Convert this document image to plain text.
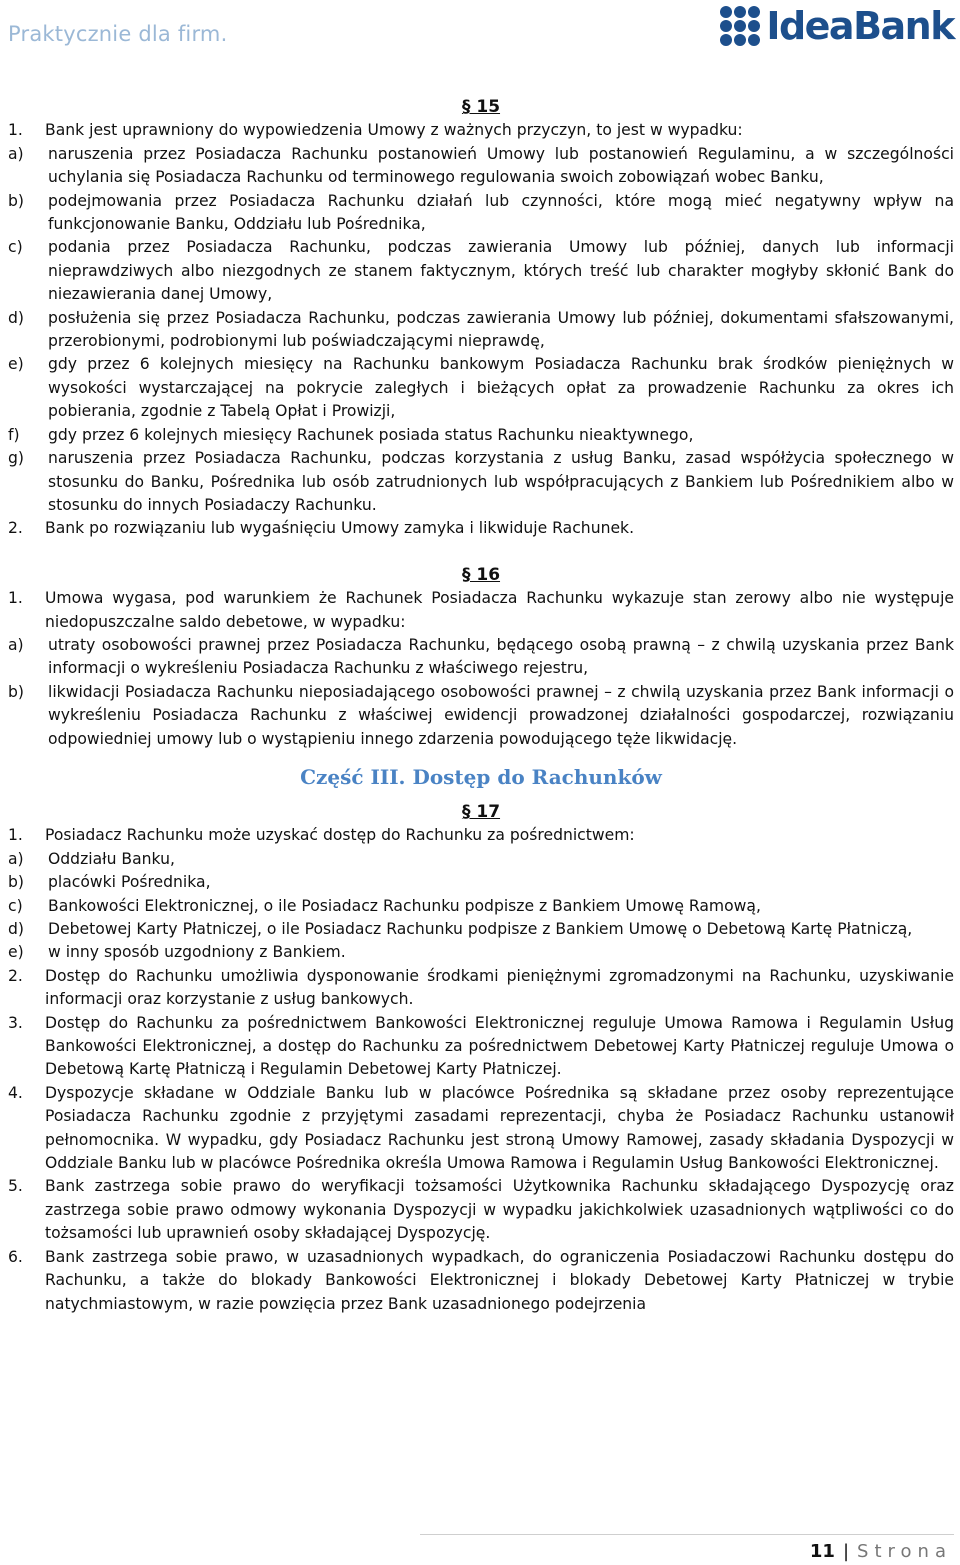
Praktycznie dla firm.	IdeaBank

§ 15

1.	Bank jest uprawniony do wypowiedzenia Umowy z ważnych przyczyn, to jest w wypadku:
a)	naruszenia przez Posiadacza Rachunku postanowień Umowy lub postanowień Regulaminu, a w szczególności uchylania się Posiadacza Rachunku od terminowego regulowania swoich zobowiązań wobec Banku,
b)	podejmowania przez Posiadacza Rachunku działań lub czynności, które mogą mieć negatywny wpływ na funkcjonowanie Banku, Oddziału lub Pośrednika,
c)	podania przez Posiadacza Rachunku, podczas zawierania Umowy lub później, danych lub informacji nieprawdziwych albo niezgodnych ze stanem faktycznym, których treść lub charakter mogłyby skłonić Bank do niezawierania danej Umowy,
d)	posłużenia się przez Posiadacza Rachunku, podczas zawierania Umowy lub później, dokumentami sfałszowanymi, przerobionymi, podrobionymi lub poświadczającymi nieprawdę,
e)	gdy przez 6 kolejnych miesięcy na Rachunku bankowym Posiadacza Rachunku brak środków pieniężnych w wysokości wystarczającej na pokrycie zaległych i bieżących opłat za prowadzenie Rachunku za okres ich pobierania, zgodnie z Tabelą Opłat i Prowizji,
f)	gdy przez 6 kolejnych miesięcy Rachunek posiada status Rachunku nieaktywnego,
g)	naruszenia przez Posiadacza Rachunku, podczas korzystania z usług Banku, zasad współżycia społecznego w stosunku do Banku, Pośrednika lub osób zatrudnionych lub współpracujących z Bankiem lub Pośrednikiem albo w stosunku do innych Posiadaczy Rachunku.
2.	Bank po rozwiązaniu lub wygaśnięciu Umowy zamyka i likwiduje Rachunek.

§ 16

1.	Umowa wygasa, pod warunkiem że Rachunek Posiadacza Rachunku wykazuje stan zerowy albo nie występuje niedopuszczalne saldo debetowe, w wypadku:
a)	utraty osobowości prawnej przez Posiadacza Rachunku, będącego osobą prawną – z chwilą uzyskania przez Bank informacji o wykreśleniu Posiadacza Rachunku z właściwego rejestru,
b)	likwidacji Posiadacza Rachunku nieposiadającego osobowości prawnej – z chwilą uzyskania przez Bank informacji o wykreśleniu Posiadacza Rachunku z właściwej ewidencji prowadzonej działalności gospodarczej, rozwiązaniu odpowiedniej umowy lub o wystąpieniu innego zdarzenia powodującego tęże likwidację.
Część III. Dostęp do Rachunków

§ 17

1.	Posiadacz Rachunku może uzyskać dostęp do Rachunku za pośrednictwem:
a)	Oddziału Banku,
b)	placówki Pośrednika,
c)	Bankowości Elektronicznej, o ile Posiadacz Rachunku podpisze z Bankiem Umowę Ramową,
d)	Debetowej Karty Płatniczej, o ile Posiadacz Rachunku podpisze z Bankiem Umowę o Debetową Kartę Płatniczą,
e)	w inny sposób uzgodniony z Bankiem.
2.	Dostęp do Rachunku umożliwia dysponowanie środkami pieniężnymi zgromadzonymi na Rachunku, uzyskiwanie informacji oraz korzystanie z usług bankowych.
3.	Dostęp do Rachunku za pośrednictwem Bankowości Elektronicznej reguluje Umowa Ramowa i Regulamin Usług Bankowości Elektronicznej, a dostęp do Rachunku za pośrednictwem Debetowej Karty Płatniczej reguluje Umowa o Debetową Kartę Płatniczą i Regulamin Debetowej Karty Płatniczej.
4.	Dyspozycje składane w Oddziale Banku lub w placówce Pośrednika są składane przez osoby reprezentujące Posiadacza Rachunku zgodnie z przyjętymi zasadami reprezentacji, chyba że Posiadacz Rachunku ustanowił pełnomocnika. W wypadku, gdy Posiadacz Rachunku jest stroną Umowy Ramowej, zasady składania Dyspozycji w Oddziale Banku lub w placówce Pośrednika określa Umowa Ramowa i Regulamin Usług Bankowości Elektronicznej.
5.	Bank zastrzega sobie prawo do weryfikacji tożsamości Użytkownika Rachunku składającego Dyspozycję oraz zastrzega sobie prawo odmowy wykonania Dyspozycji w wypadku jakichkolwiek uzasadnionych wątpliwości co do tożsamości lub uprawnień osoby składającej Dyspozycję.
6.	Bank zastrzega sobie prawo, w uzasadnionych wypadkach, do ograniczenia Posiadaczowi Rachunku dostępu do Rachunku, a także do blokady Bankowości Elektronicznej i blokady Debetowej Karty Płatniczej w trybie natychmiastowym, w razie powzięcia przez Bank uzasadnionego podejrzenia
11 | Strona
